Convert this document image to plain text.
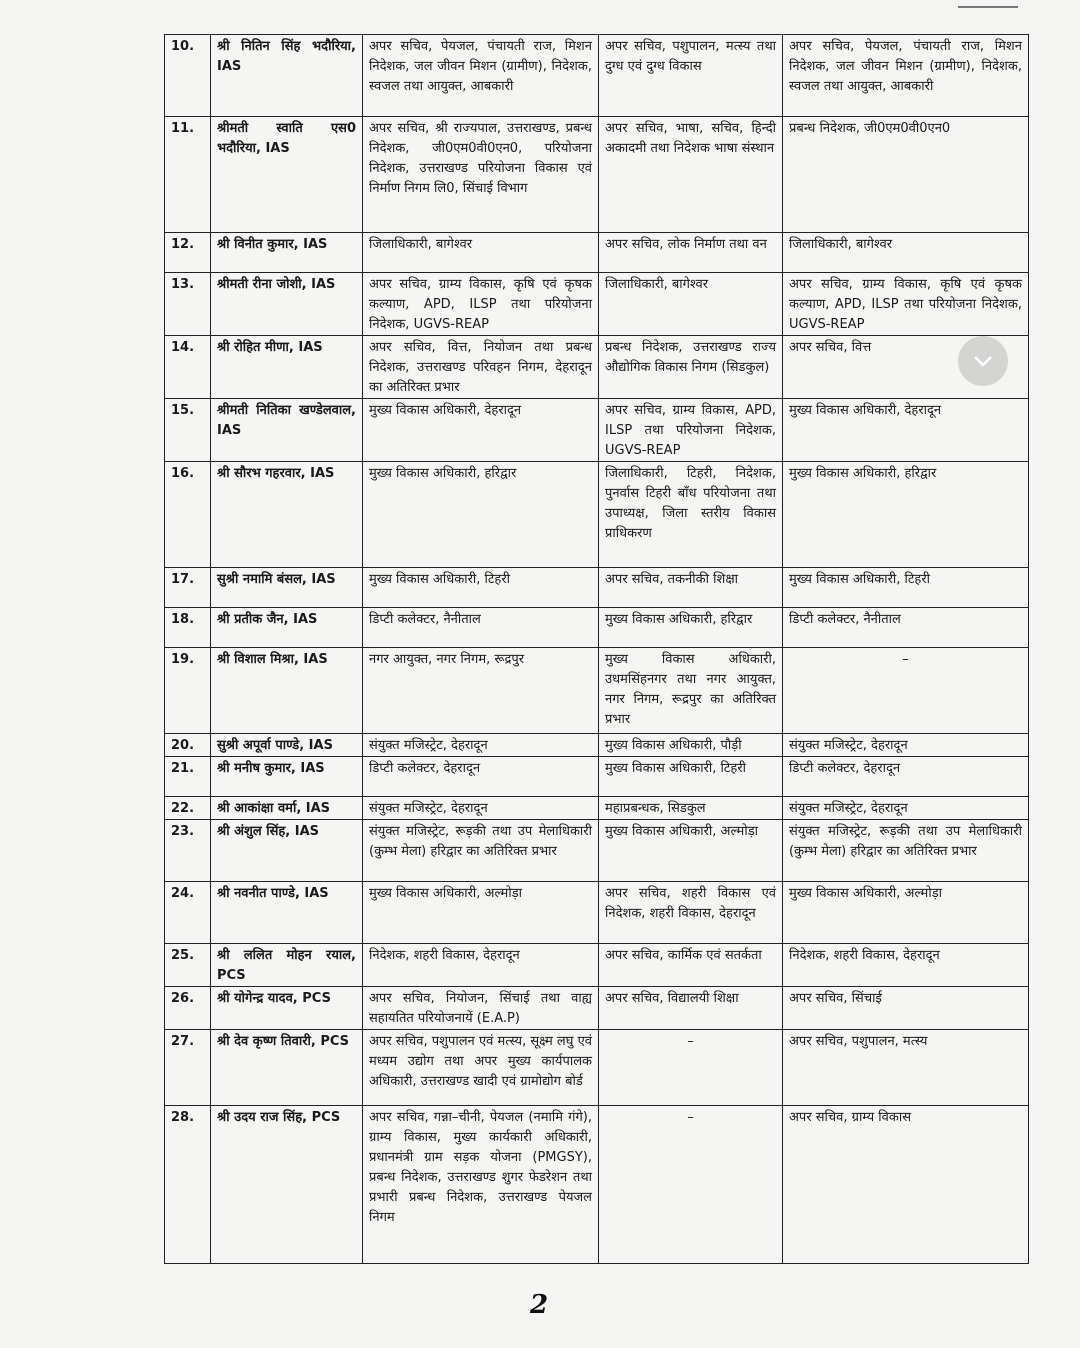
10.	श्री नितिन सिंह भदौरिया, IAS	अपर सचिव, पेयजल, पंचायती राज, मिशन निदेशक, जल जीवन मिशन (ग्रामीण), निदेशक, स्वजल तथा आयुक्त, आबकारी	अपर सचिव, पशुपालन, मत्स्य तथा दुग्ध एवं दुग्ध विकास	अपर सचिव, पेयजल, पंचायती राज, मिशन निदेशक, जल जीवन मिशन (ग्रामीण), निदेशक, स्वजल तथा आयुक्त, आबकारी
11.	श्रीमती स्वाति एस0 भदौरिया, IAS	अपर सचिव, श्री राज्यपाल, उत्तराखण्ड, प्रबन्ध निदेशक, जी0एम0वी0एन0, परियोजना निदेशक, उत्तराखण्ड परियोजना विकास एवं निर्माण निगम लि0, सिंचाई विभाग	अपर सचिव, भाषा, सचिव, हिन्दी अकादमी तथा निदेशक भाषा संस्थान	प्रबन्ध निदेशक, जी0एम0वी0एन0
12.	श्री विनीत कुमार, IAS	जिलाधिकारी, बागेश्वर	अपर सचिव, लोक निर्माण तथा वन	जिलाधिकारी, बागेश्वर
13.	श्रीमती रीना जोशी, IAS	अपर सचिव, ग्राम्य विकास, कृषि एवं कृषक कल्याण, APD, ILSP तथा परियोजना निदेशक, UGVS-REAP	जिलाधिकारी, बागेश्वर	अपर सचिव, ग्राम्य विकास, कृषि एवं कृषक कल्याण, APD, ILSP तथा परियोजना निदेशक, UGVS-REAP
14.	श्री रोहित मीणा, IAS	अपर सचिव, वित्त, नियोजन तथा प्रबन्ध निदेशक, उत्तराखण्ड परिवहन निगम, देहरादून का अतिरिक्त प्रभार	प्रबन्ध निदेशक, उत्तराखण्ड राज्य औद्योगिक विकास निगम (सिडकुल)	अपर सचिव, वित्त
15.	श्रीमती नितिका खण्डेलवाल, IAS	मुख्य विकास अधिकारी, देहरादून	अपर सचिव, ग्राम्य विकास, APD, ILSP तथा परियोजना निदेशक, UGVS-REAP	मुख्य विकास अधिकारी, देहरादून
16.	श्री सौरभ गहरवार, IAS	मुख्य विकास अधिकारी, हरिद्वार	जिलाधिकारी, टिहरी, निदेशक, पुनर्वास टिहरी बाँध परियोजना तथा उपाध्यक्ष, जिला स्तरीय विकास प्राधिकरण	मुख्य विकास अधिकारी, हरिद्वार
17.	सुश्री नमामि बंसल, IAS	मुख्य विकास अधिकारी, टिहरी	अपर सचिव, तकनीकी शिक्षा	मुख्य विकास अधिकारी, टिहरी
18.	श्री प्रतीक जैन, IAS	डिप्टी कलेक्टर, नैनीताल	मुख्य विकास अधिकारी, हरिद्वार	डिप्टी कलेक्टर, नैनीताल
19.	श्री विशाल मिश्रा, IAS	नगर आयुक्त, नगर निगम, रूद्रपुर	मुख्य विकास अधिकारी, उधमसिंहनगर तथा नगर आयुक्त, नगर निगम, रूद्रपुर का अतिरिक्त प्रभार	–
20.	सुश्री अपूर्वा पाण्डे, IAS	संयुक्त मजिस्ट्रेट, देहरादून	मुख्य विकास अधिकारी, पौड़ी	संयुक्त मजिस्ट्रेट, देहरादून
21.	श्री मनीष कुमार, IAS	डिप्टी कलेक्टर, देहरादून	मुख्य विकास अधिकारी, टिहरी	डिप्टी कलेक्टर, देहरादून
22.	श्री आकांक्षा वर्मा, IAS	संयुक्त मजिस्ट्रेट, देहरादून	महाप्रबन्धक, सिडकुल	संयुक्त मजिस्ट्रेट, देहरादून
23.	श्री अंशुल सिंह, IAS	संयुक्त मजिस्ट्रेट, रूड़की तथा उप मेलाधिकारी (कुम्भ मेला) हरिद्वार का अतिरिक्त प्रभार	मुख्य विकास अधिकारी, अल्मोड़ा	संयुक्त मजिस्ट्रेट, रूड़की तथा उप मेलाधिकारी (कुम्भ मेला) हरिद्वार का अतिरिक्त प्रभार
24.	श्री नवनीत पाण्डे, IAS	मुख्य विकास अधिकारी, अल्मोड़ा	अपर सचिव, शहरी विकास एवं निदेशक, शहरी विकास, देहरादून	मुख्य विकास अधिकारी, अल्मोड़ा
25.	श्री ललित मोहन रयाल, PCS	निदेशक, शहरी विकास, देहरादून	अपर सचिव, कार्मिक एवं सतर्कता	निदेशक, शहरी विकास, देहरादून
26.	श्री योगेन्द्र यादव, PCS	अपर सचिव, नियोजन, सिंचाई तथा वाह्य सहायतित परियोजनायें (E.A.P)	अपर सचिव, विद्यालयी शिक्षा	अपर सचिव, सिंचाई
27.	श्री देव कृष्ण तिवारी, PCS	अपर सचिव, पशुपालन एवं मत्स्य, सूक्ष्म लघु एवं मध्यम उद्योग तथा अपर मुख्य कार्यपालक अधिकारी, उत्तराखण्ड खादी एवं ग्रामोद्योग बोर्ड	–	अपर सचिव, पशुपालन, मत्स्य
28.	श्री उदय राज सिंह, PCS	अपर सचिव, गन्ना–चीनी, पेयजल (नमामि गंगे), ग्राम्य विकास, मुख्य कार्यकारी अधिकारी, प्रधानमंत्री ग्राम सड़क योजना (PMGSY), प्रबन्ध निदेशक, उत्तराखण्ड शुगर फेडरेशन तथा प्रभारी प्रबन्ध निदेशक, उत्तराखण्ड पेयजल निगम	–	अपर सचिव, ग्राम्य विकास
2
